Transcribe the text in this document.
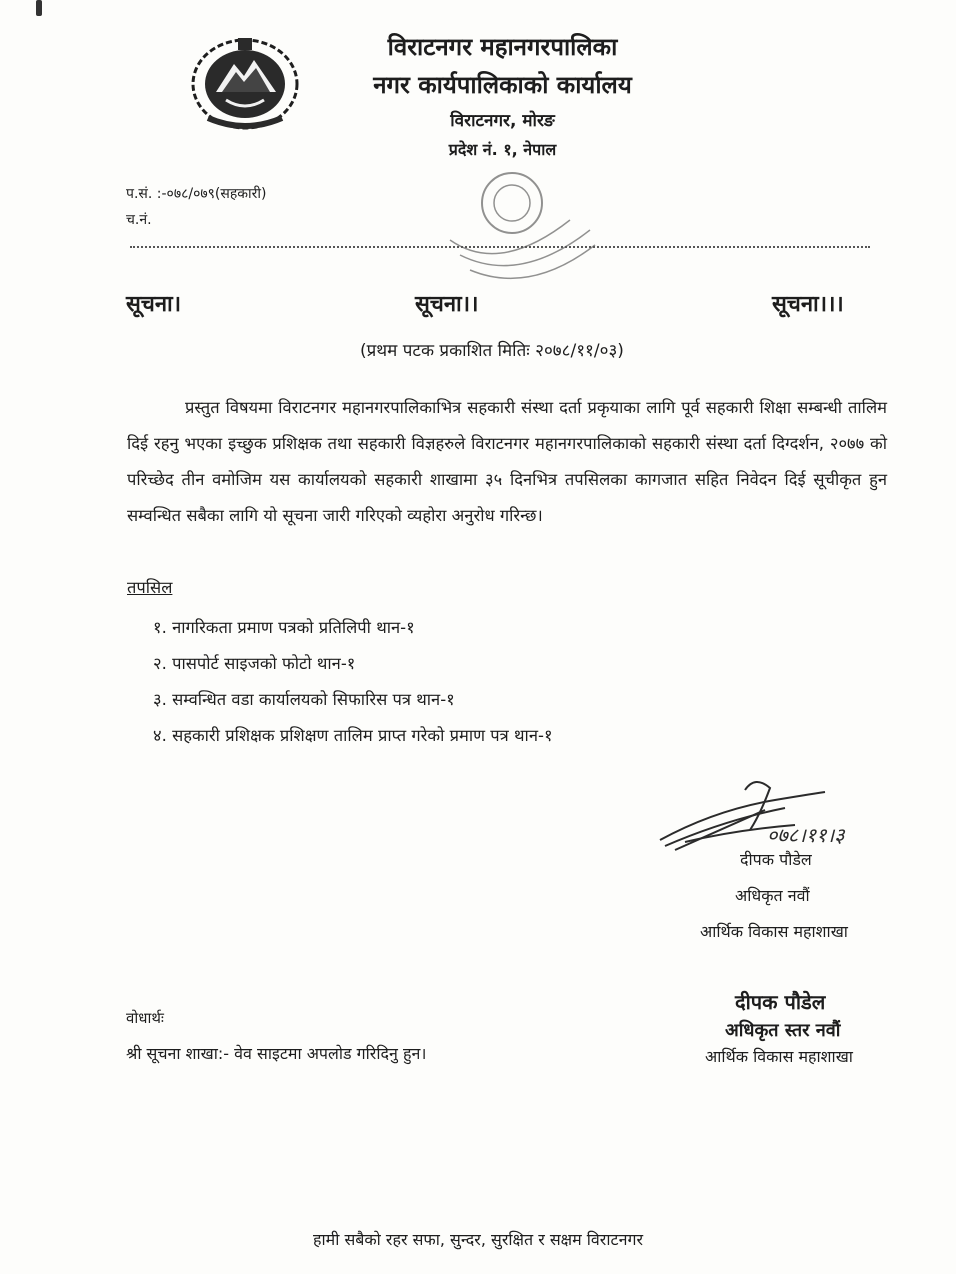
विराटनगर महानगरपालिका
नगर कार्यपालिकाको कार्यालय
विराटनगर, मोरङ
प्रदेश नं. १, नेपाल
प.सं. :-०७८/०७९(सहकारी)
च.नं.
सूचना।	सूचना।।	सूचना।।।
(प्रथम पटक प्रकाशित मितिः २०७८/११/०३)
प्रस्तुत विषयमा विराटनगर महानगरपालिकाभित्र सहकारी संस्था दर्ता प्रकृयाका लागि पूर्व सहकारी शिक्षा सम्बन्धी तालिम दिई रहनु भएका इच्छुक प्रशिक्षक तथा सहकारी विज्ञहरुले विराटनगर महानगरपालिकाको सहकारी संस्था दर्ता दिग्दर्शन, २०७७ को परिच्छेद तीन वमोजिम यस कार्यालयको सहकारी शाखामा ३५ दिनभित्र तपसिलका कागजात सहित निवेदन दिई सूचीकृत हुन सम्वन्धित सबैका लागि यो सूचना जारी गरिएको व्यहोरा अनुरोध गरिन्छ।
तपसिल
१. नागरिकता प्रमाण पत्रको प्रतिलिपी थान-१
२. पासपोर्ट साइजको फोटो थान-१
३. सम्वन्धित वडा कार्यालयको सिफारिस पत्र थान-१
४. सहकारी प्रशिक्षक प्रशिक्षण तालिम प्राप्त गरेको प्रमाण पत्र थान-१
०७८।११।३
दीपक पौडेल
अधिकृत नवौं
आर्थिक विकास महाशाखा
वोधार्थः
श्री सूचना शाखा:- वेव साइटमा अपलोड गरिदिनु हुन।
दीपक पौडेल
अधिकृत स्तर नवौं
आर्थिक विकास महाशाखा
हामी सबैको रहर सफा, सुन्दर, सुरक्षित र सक्षम विराटनगर
